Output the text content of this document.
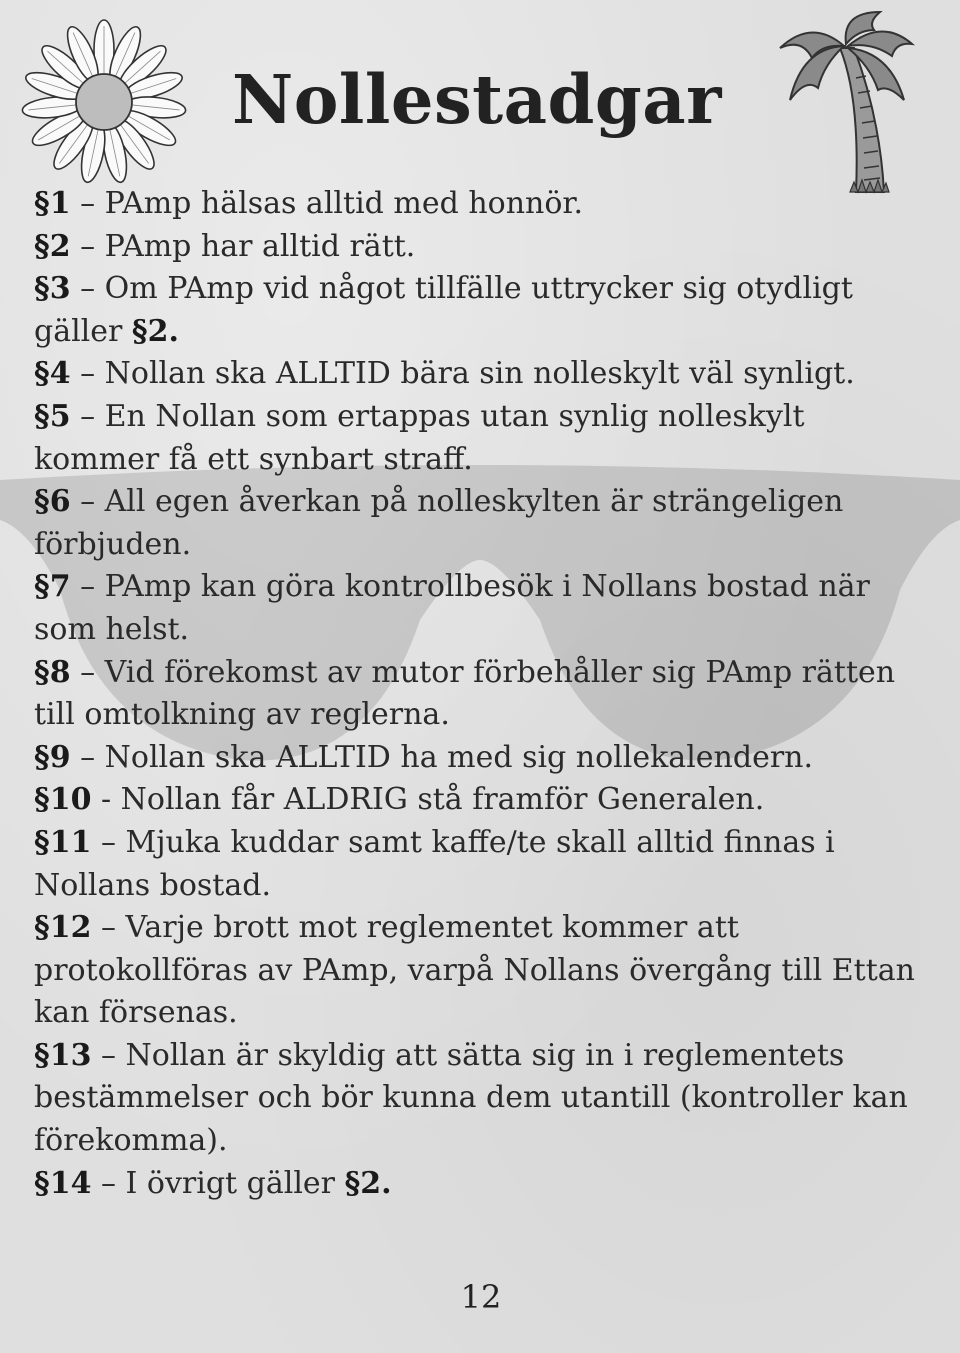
Nollestadgar
§1 – PAmp hälsas alltid med honnör.
§2 – PAmp har alltid rätt.
§3 – Om PAmp vid något tillfälle uttrycker sig otydligt gäller §2.
§4 – Nollan ska ALLTID bära sin nolleskylt väl synligt.
§5 – En Nollan som ertappas utan synlig nolleskylt kommer få ett synbart straff.
§6 – All egen åverkan på nolleskylten är strängeligen förbjuden.
§7 – PAmp kan göra kontrollbesök i Nollans bostad när som helst.
§8 – Vid förekomst av mutor förbehåller sig PAmp rätten till omtolkning av reglerna.
§9 – Nollan ska ALLTID ha med sig nollekalendern.
§10 - Nollan får ALDRIG stå framför Generalen.
§11 – Mjuka kuddar samt kaffe/te skall alltid finnas i Nollans bostad.
§12 – Varje brott mot reglementet kommer att protokollföras av PAmp, varpå Nollans övergång till Ettan kan försenas.
§13 – Nollan är skyldig att sätta sig in i reglementets bestämmelser och bör kunna dem utantill (kontroller kan förekomma).
§14 – I övrigt gäller §2.
12
